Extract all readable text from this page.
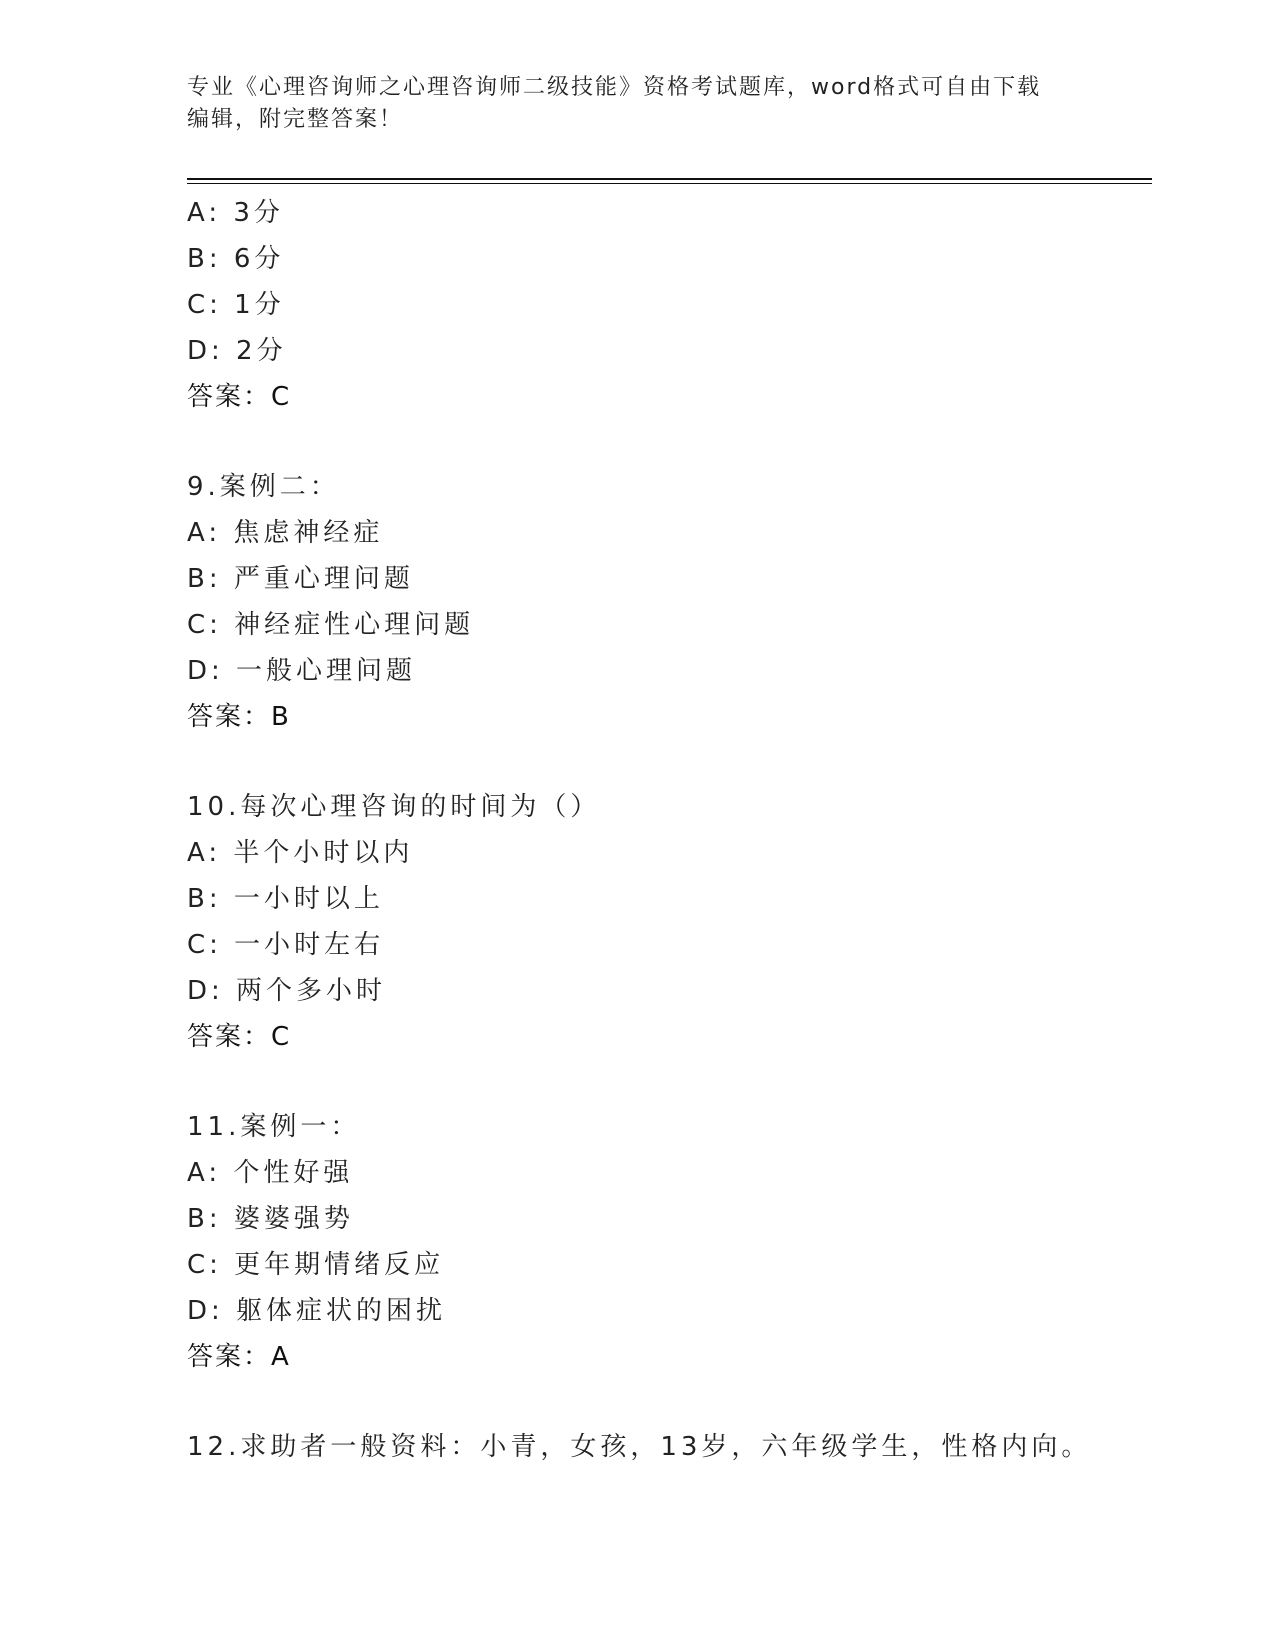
专业《心理咨询师之心理咨询师二级技能》资格考试题库，word格式可自由下载
编辑，附完整答案！
A: 3分
B: 6分
C: 1分
D: 2分
答案：C
9.案例二：
A: 焦虑神经症
B: 严重心理问题
C: 神经症性心理问题
D: 一般心理问题
答案：B
10.每次心理咨询的时间为（）
A: 半个小时以内
B: 一小时以上
C: 一小时左右
D: 两个多小时
答案：C
11.案例一：
A: 个性好强
B: 婆婆强势
C: 更年期情绪反应
D: 躯体症状的困扰
答案：A
12.求助者一般资料：小青，女孩，13岁，六年级学生，性格内向。
